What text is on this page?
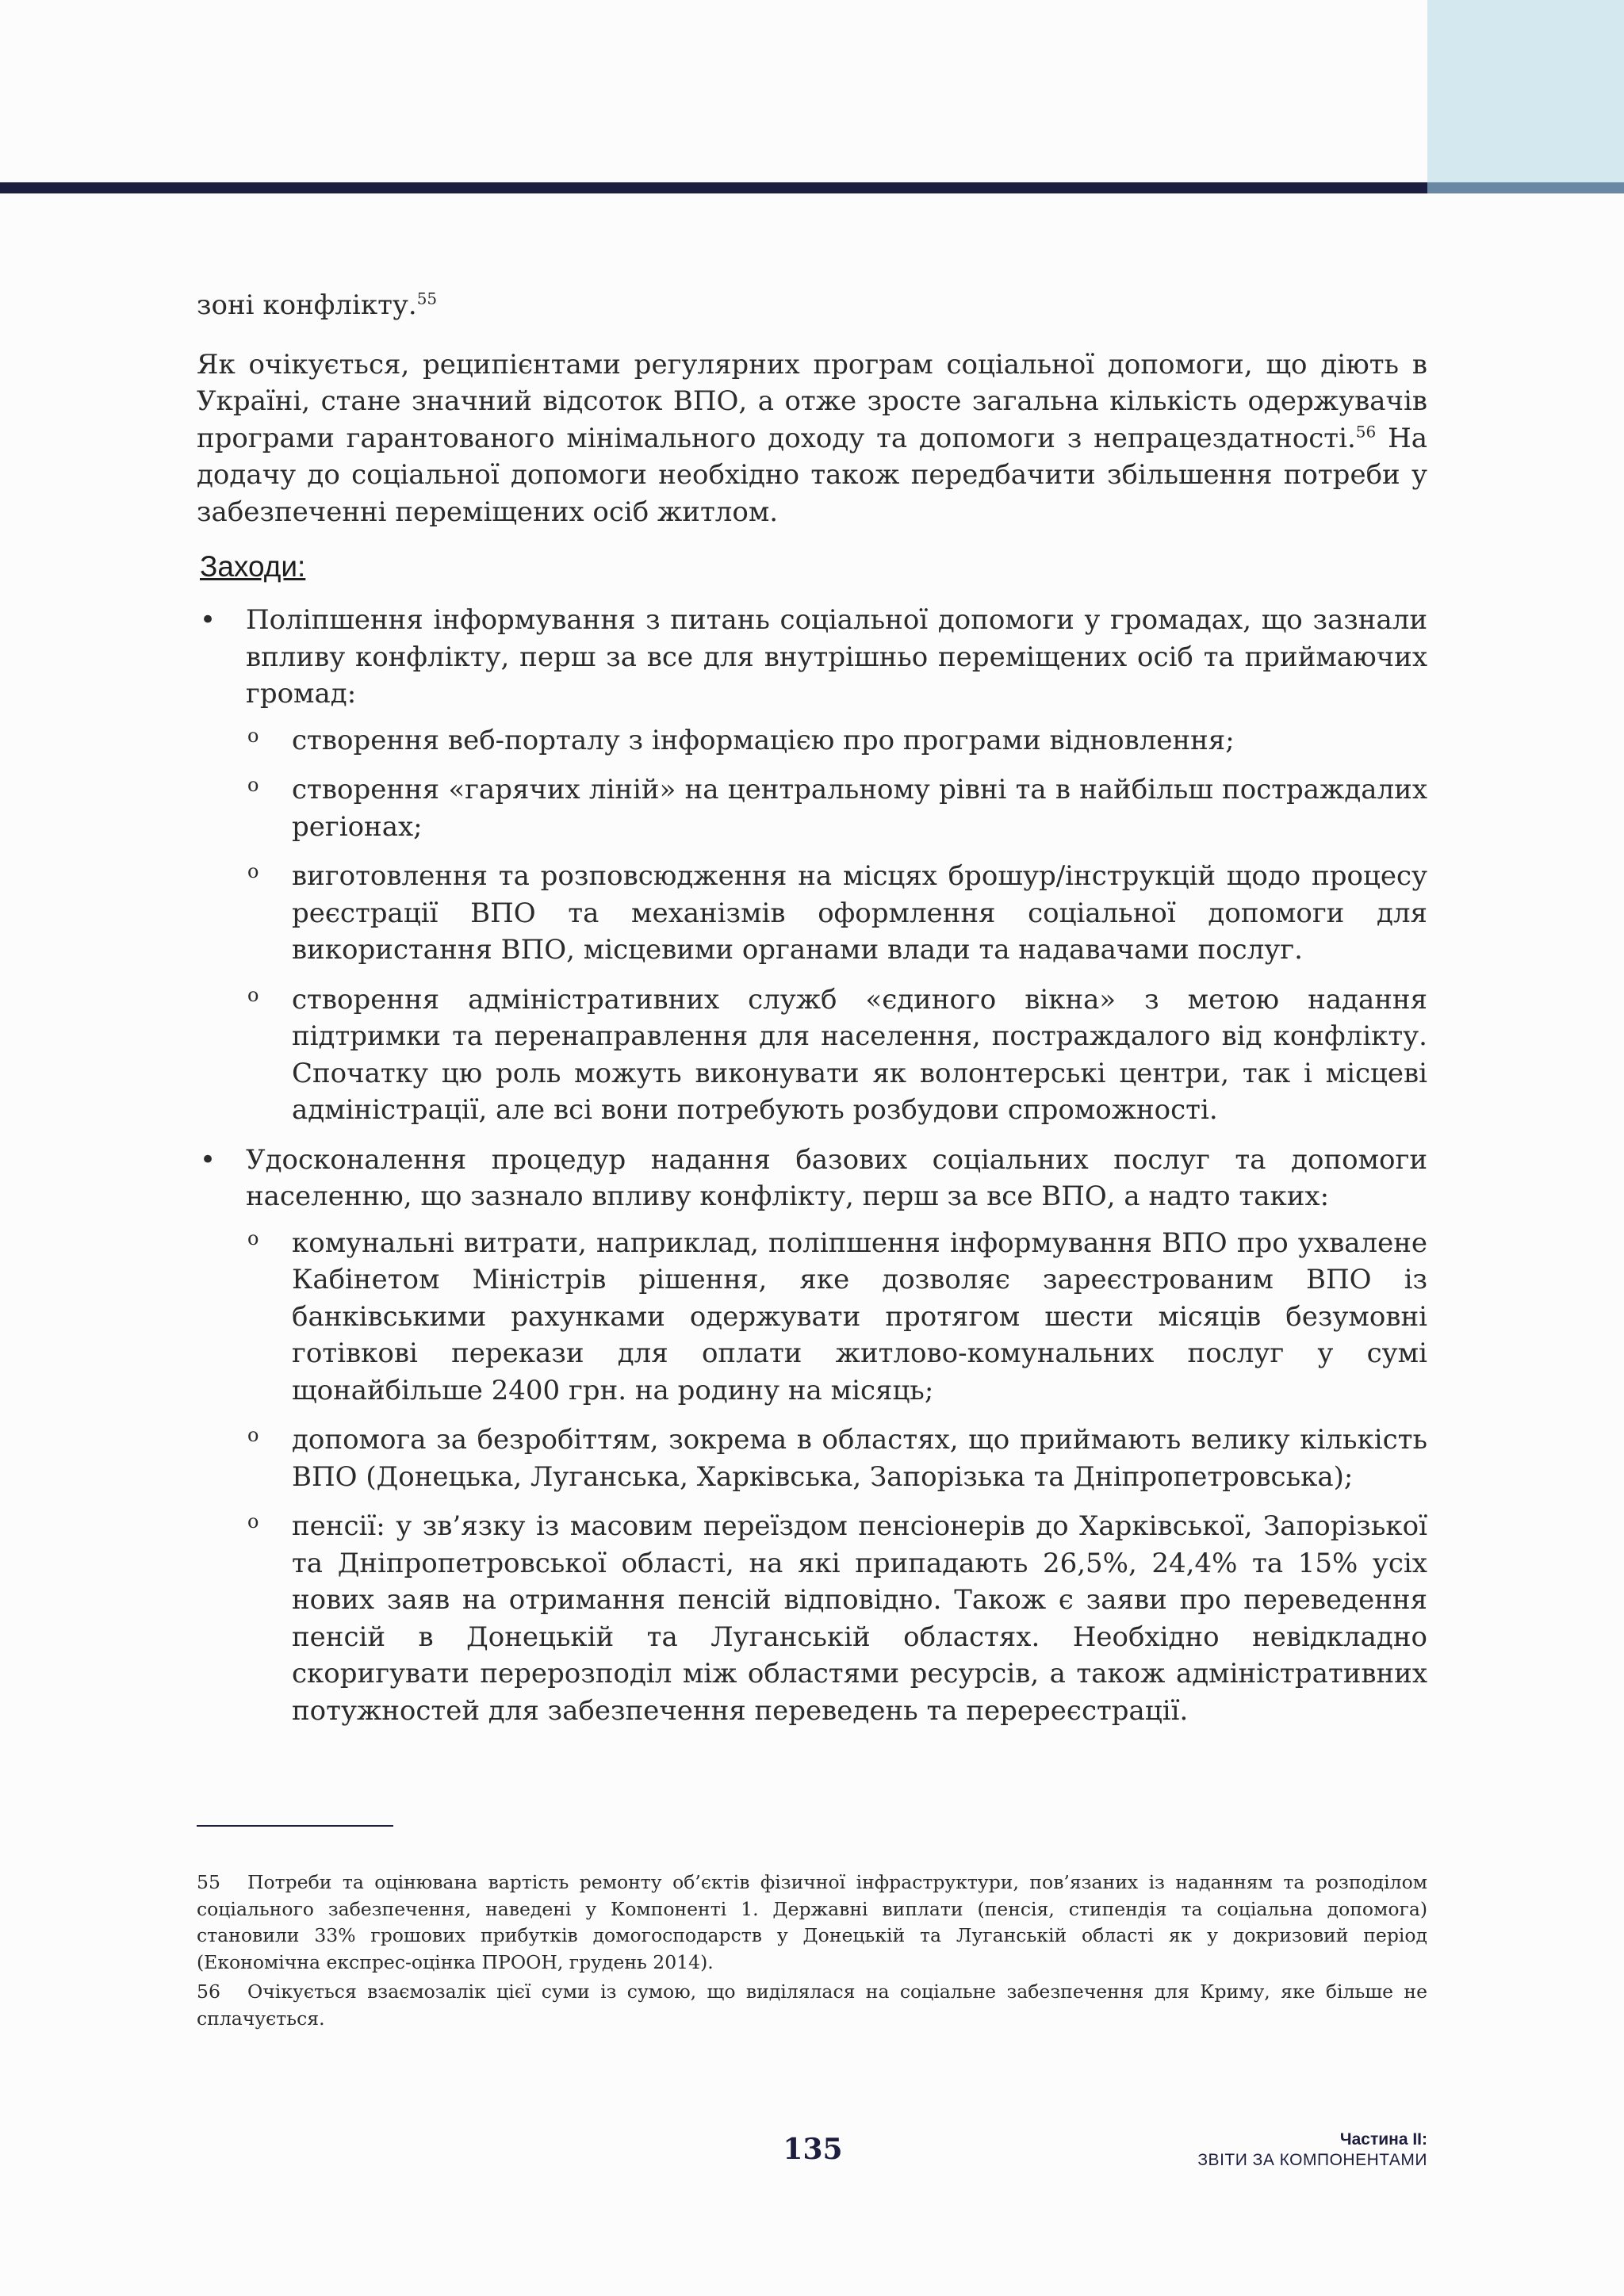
зоні конфлікту.$^{55}$

Як очікується, реципієнтами регулярних програм соціальної допомоги, що діють в Україні, стане значний відсоток ВПО, а отже зросте загальна кількість одержувачів програми гарантованого мінімального доходу та допомоги з непрацездатності.$^{56}$ На додачу до соціальної допомоги необхідно також передбачити збільшення потреби у забезпеченні переміщених осіб житлом.

Заходи:
• Поліпшення інформування з питань соціальної допомоги у громадах, що зазнали впливу конфлікту, перш за все для внутрішньо переміщених осіб та приймаючих громад:
o створення веб-порталу з інформацією про програми відновлення;
o створення «гарячих ліній» на центральному рівні та в найбільш постраждалих регіонах;
o виготовлення та розповсюдження на місцях брошур/інструкцій щодо процесу реєстрації ВПО та механізмів оформлення соціальної допомоги для використання ВПО, місцевими органами влади та надавачами послуг.
o створення адміністративних служб «єдиного вікна» з метою надання підтримки та перенаправлення для населення, постраждалого від конфлікту. Спочатку цю роль можуть виконувати як волонтерські центри, так і місцеві адміністрації, але всі вони потребують розбудови спроможності.
• Удосконалення процедур надання базових соціальних послуг та допомоги населенню, що зазнало впливу конфлікту, перш за все ВПО, а надто таких:
o комунальні витрати, наприклад, поліпшення інформування ВПО про ухвалене Кабінетом Міністрів рішення, яке дозволяє зареєстрованим ВПО із банківськими рахунками одержувати протягом шести місяців безумовні готівкові перекази для оплати житлово-комунальних послуг у сумі щонайбільше 2400 грн. на родину на місяць;
o допомога за безробіттям, зокрема в областях, що приймають велику кількість ВПО (Донецька, Луганська, Харківська, Запорізька та Дніпропетровська);
o пенсії: у зв’язку із масовим переїздом пенсіонерів до Харківської, Запорізької та Дніпропетровської області, на які припадають 26,5%, 24,4% та 15% усіх нових заяв на отримання пенсій відповідно. Також є заяви про переведення пенсій в Донецькій та Луганській областях. Необхідно невідкладно скоригувати перерозподіл між областями ресурсів, а також адміністративних потужностей для забезпечення переведень та перереєстрації.

55 Потреби та оцінювана вартість ремонту об’єктів фізичної інфраструктури, пов’язаних із наданням та розподілом соціального забезпечення, наведені у Компоненті 1. Державні виплати (пенсія, стипендія та соціальна допомога) становили 33% грошових прибутків домогосподарств у Донецькій та Луганській області як у докризовий період (Економічна експрес-оцінка ПРООН, грудень 2014).

56 Очікується взаємозалік цієї суми із сумою, що виділялася на соціальне забезпечення для Криму, яке більше не сплачується.

135	Частина II:
ЗВІТИ ЗА КОМПОНЕНТАМИ
